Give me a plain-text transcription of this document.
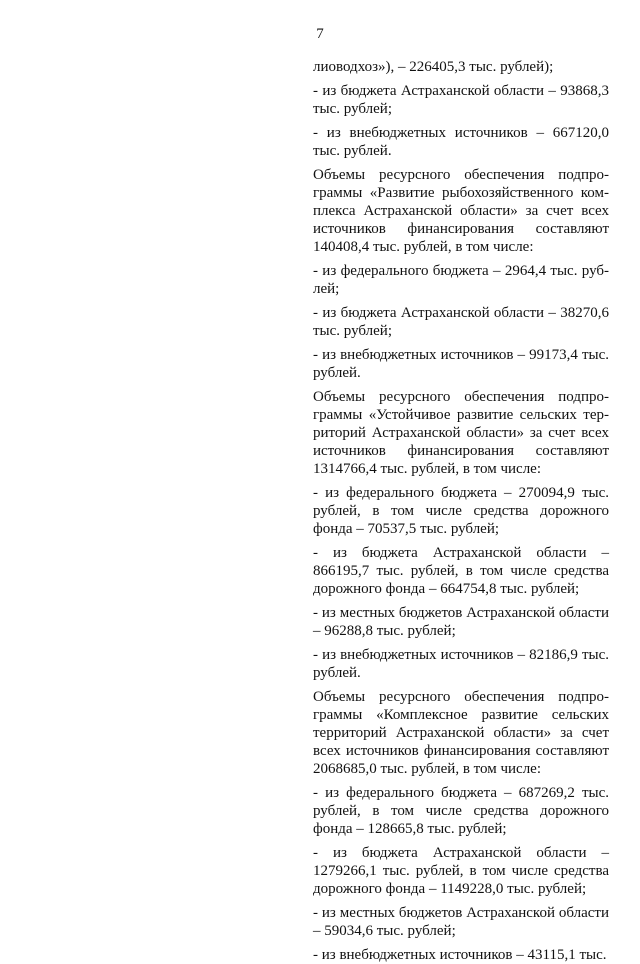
7

лиоводхоз»), – 226405,3 тыс. рублей);

- из бюджета Астраханской области – 93868,3 тыс. рублей;

- из внебюджетных источников – 667120,0 тыс. рублей.

Объемы ресурсного обеспечения подпрограммы «Развитие рыбохозяйственного комплекса Астраханской области» за счет всех источников финансирования составляют 140408,4 тыс. рублей, в том числе:

- из федерального бюджета – 2964,4 тыс. рублей;

- из бюджета Астраханской области – 38270,6 тыс. рублей;

- из внебюджетных источников – 99173,4 тыс. рублей.

Объемы ресурсного обеспечения подпрограммы «Устойчивое развитие сельских территорий Астраханской области» за счет всех источников финансирования составляют 1314766,4 тыс. рублей, в том числе:

- из федерального бюджета – 270094,9 тыс. рублей, в том числе средства дорожного фонда – 70537,5 тыс. рублей;

- из бюджета Астраханской области – 866195,7 тыс. рублей, в том числе средства дорожного фонда – 664754,8 тыс. рублей;

- из местных бюджетов Астраханской области – 96288,8 тыс. рублей;

- из внебюджетных источников – 82186,9 тыс. рублей.

Объемы ресурсного обеспечения подпрограммы «Комплексное развитие сельских территорий Астраханской области» за счет всех источников финансирования составляют 2068685,0 тыс. рублей, в том числе:

- из федерального бюджета – 687269,2 тыс. рублей, в том числе средства дорожного фонда – 128665,8 тыс. рублей;

- из бюджета Астраханской области – 1279266,1 тыс. рублей, в том числе средства дорожного фонда – 1149228,0 тыс. рублей;

- из местных бюджетов Астраханской области – 59034,6 тыс. рублей;

- из внебюджетных источников – 43115,1 тыс.
